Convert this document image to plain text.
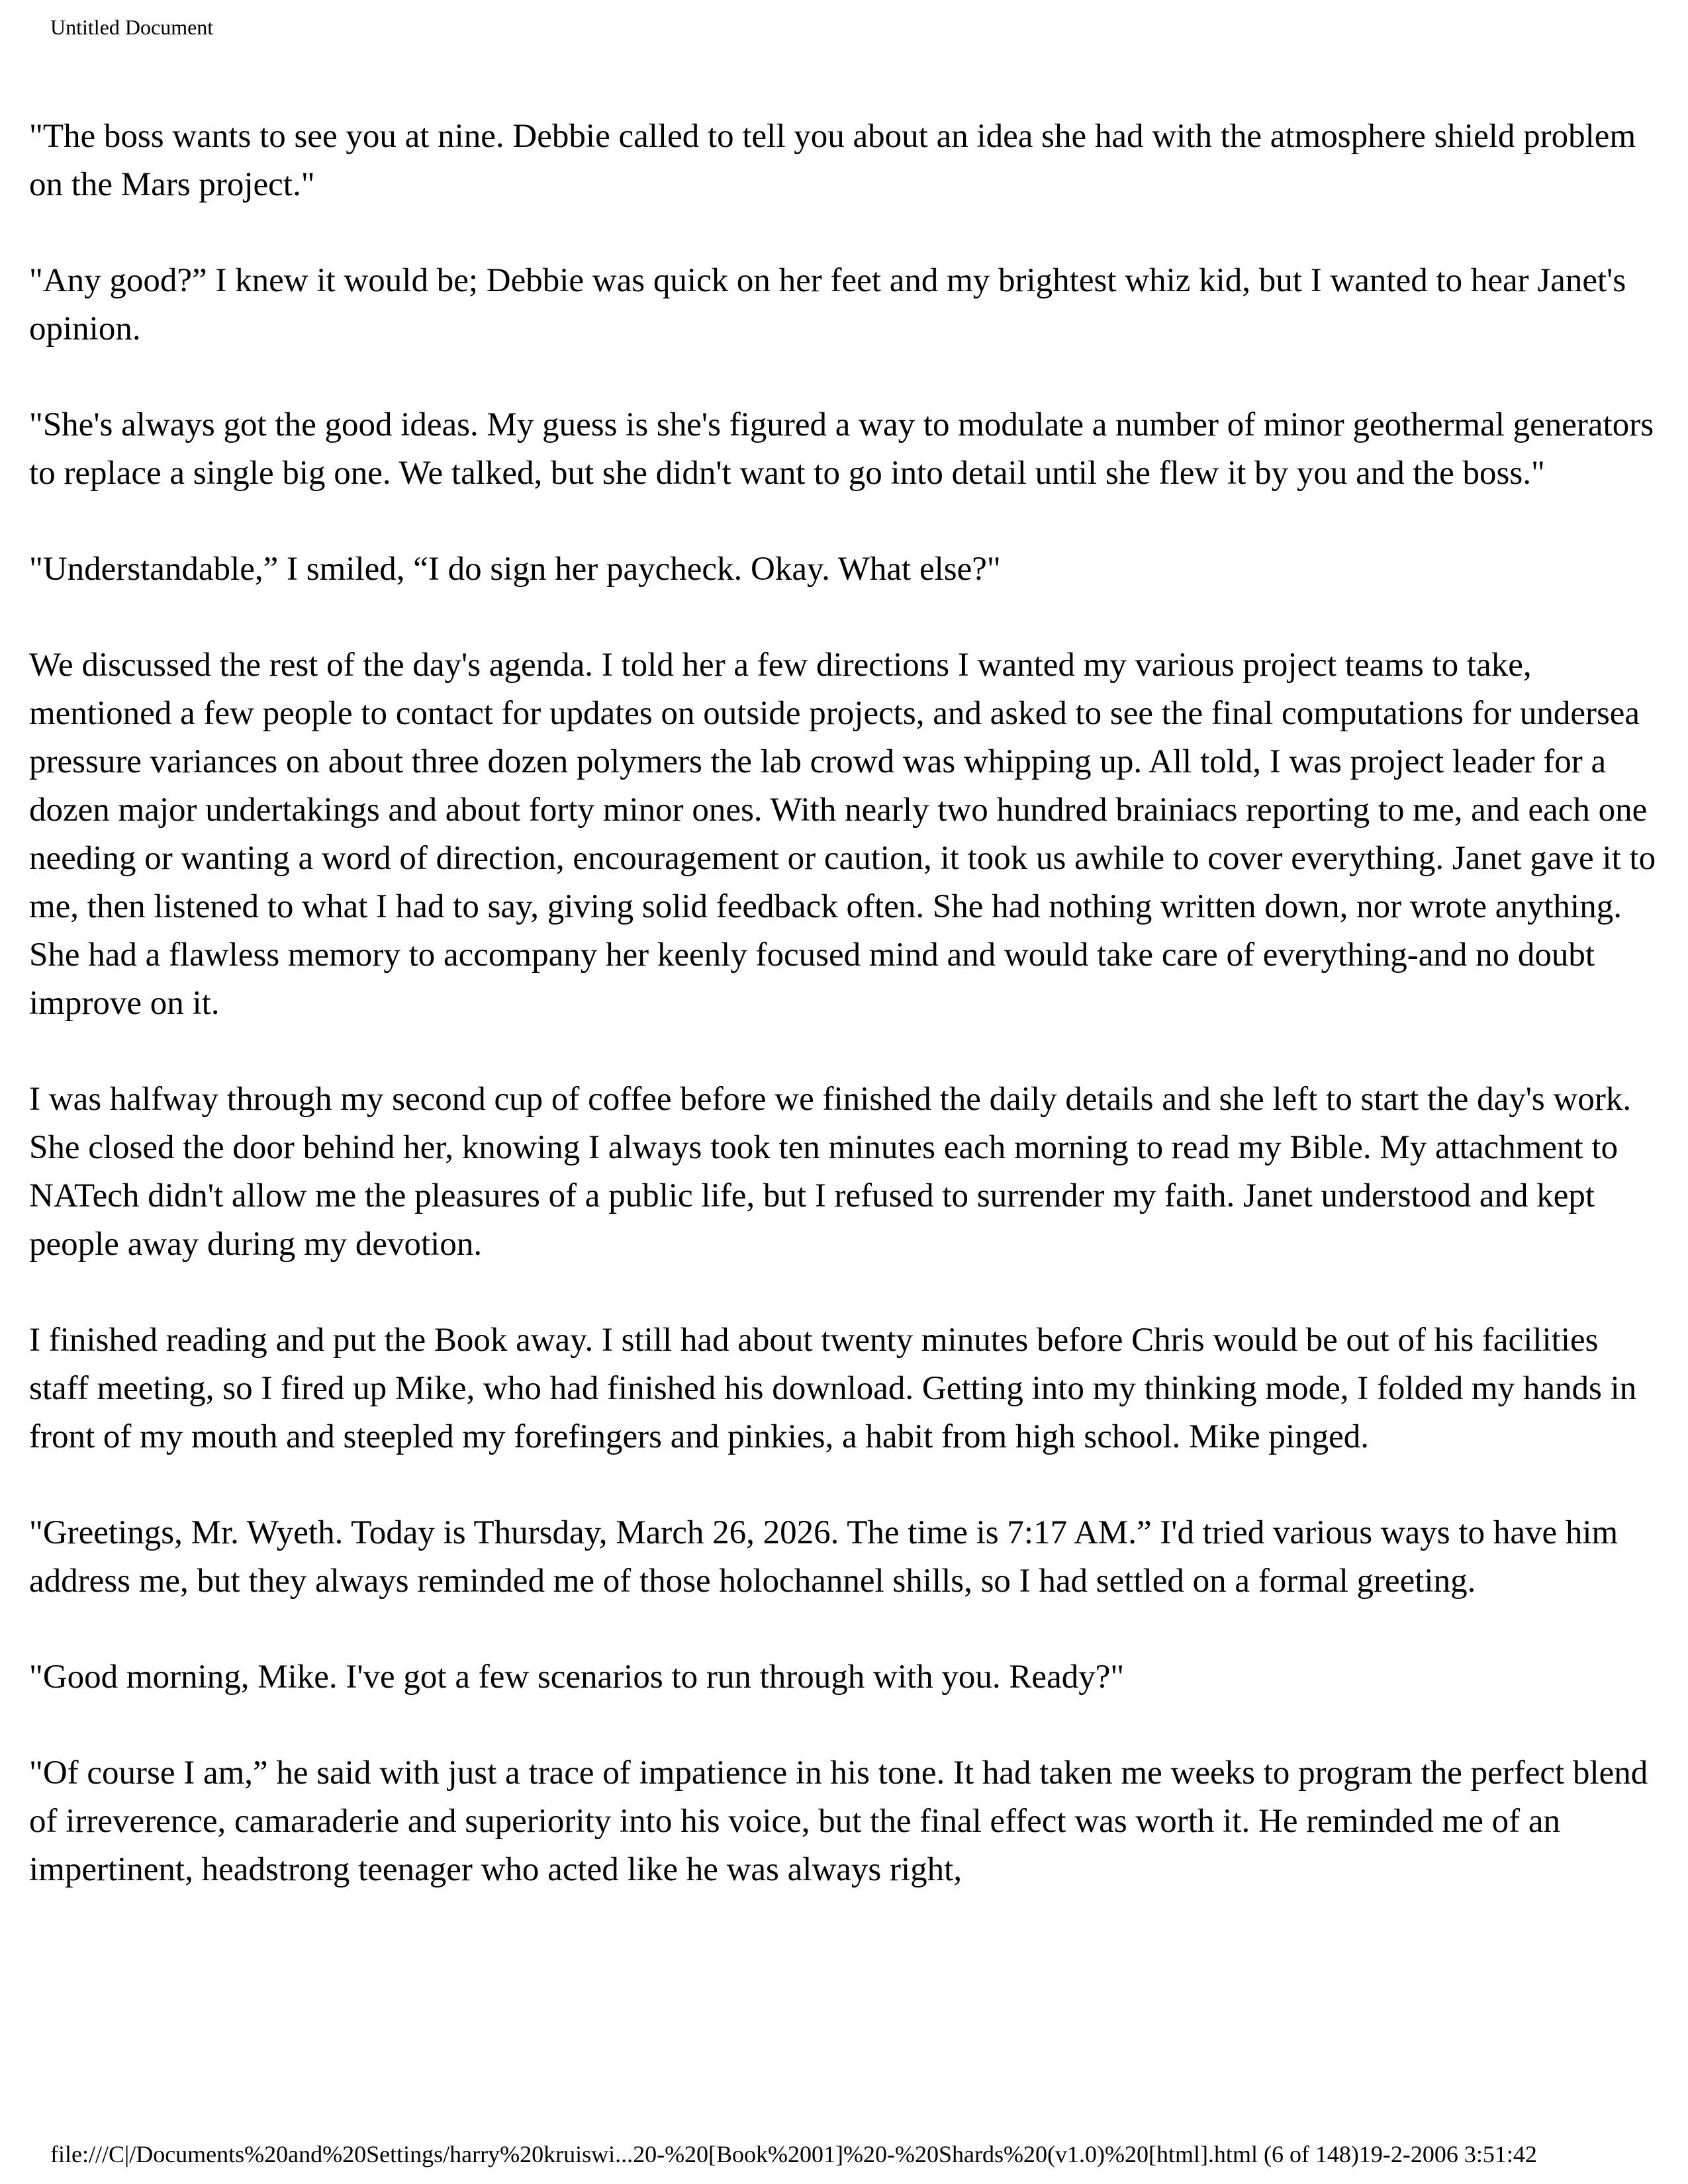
Untitled Document

"The boss wants to see you at nine. Debbie called to tell you about an idea she had with the atmosphere shield problem on the Mars project."

"Any good?” I knew it would be; Debbie was quick on her feet and my brightest whiz kid, but I wanted to hear Janet's opinion.

"She's always got the good ideas. My guess is she's figured a way to modulate a number of minor geothermal generators to replace a single big one. We talked, but she didn't want to go into detail until she flew it by you and the boss."

"Understandable,” I smiled, “I do sign her paycheck. Okay. What else?"

We discussed the rest of the day's agenda. I told her a few directions I wanted my various project teams to take, mentioned a few people to contact for updates on outside projects, and asked to see the final computations for undersea pressure variances on about three dozen polymers the lab crowd was whipping up. All told, I was project leader for a dozen major undertakings and about forty minor ones. With nearly two hundred brainiacs reporting to me, and each one needing or wanting a word of direction, encouragement or caution, it took us awhile to cover everything. Janet gave it to me, then listened to what I had to say, giving solid feedback often. She had nothing written down, nor wrote anything. She had a flawless memory to accompany her keenly focused mind and would take care of everything-and no doubt improve on it.

I was halfway through my second cup of coffee before we finished the daily details and she left to start the day's work. She closed the door behind her, knowing I always took ten minutes each morning to read my Bible. My attachment to NATech didn't allow me the pleasures of a public life, but I refused to surrender my faith. Janet understood and kept people away during my devotion.

I finished reading and put the Book away. I still had about twenty minutes before Chris would be out of his facilities staff meeting, so I fired up Mike, who had finished his download. Getting into my thinking mode, I folded my hands in front of my mouth and steepled my forefingers and pinkies, a habit from high school. Mike pinged.

"Greetings, Mr. Wyeth. Today is Thursday, March 26, 2026. The time is 7:17 AM.” I'd tried various ways to have him address me, but they always reminded me of those holochannel shills, so I had settled on a formal greeting.

"Good morning, Mike. I've got a few scenarios to run through with you. Ready?"

"Of course I am,” he said with just a trace of impatience in his tone. It had taken me weeks to program the perfect blend of irreverence, camaraderie and superiority into his voice, but the final effect was worth it. He reminded me of an impertinent, headstrong teenager who acted like he was always right,

file:///C|/Documents%20and%20Settings/harry%20kruiswi...20-%20[Book%2001]%20-%20Shards%20(v1.0)%20[html].html (6 of 148)19-2-2006 3:51:42
